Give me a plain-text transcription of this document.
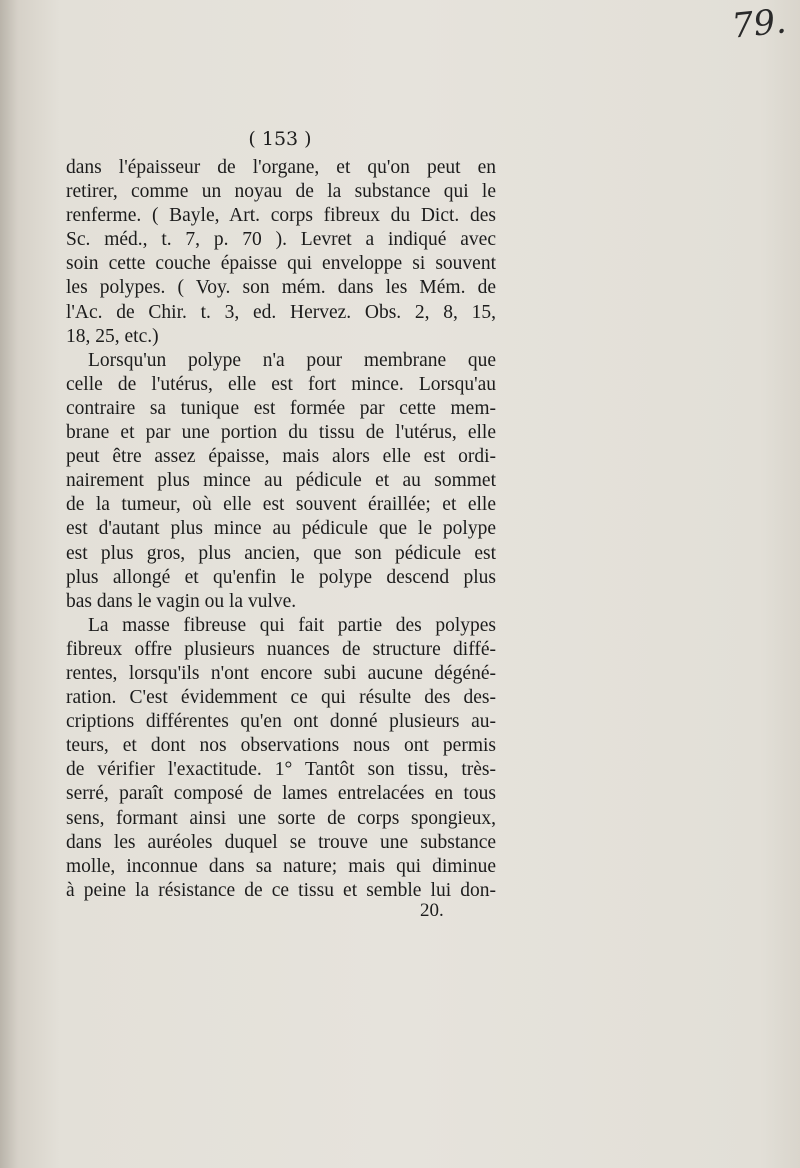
79.
( 153 )
dans l'épaisseur de l'organe, et qu'on peut en
retirer, comme un noyau de la substance qui le
renferme. ( Bayle, Art. corps fibreux du Dict. des
Sc. méd., t. 7, p. 70 ). Levret a indiqué avec
soin cette couche épaisse qui enveloppe si souvent
les polypes. ( Voy. son mém. dans les Mém. de
l'Ac. de Chir. t. 3, ed. Hervez. Obs. 2, 8, 15,
18, 25, etc.)
Lorsqu'un polype n'a pour membrane que
celle de l'utérus, elle est fort mince. Lorsqu'au
contraire sa tunique est formée par cette mem-
brane et par une portion du tissu de l'utérus, elle
peut être assez épaisse, mais alors elle est ordi-
nairement plus mince au pédicule et au sommet
de la tumeur, où elle est souvent éraillée; et elle
est d'autant plus mince au pédicule que le polype
est plus gros, plus ancien, que son pédicule est
plus allongé et qu'enfin le polype descend plus
bas dans le vagin ou la vulve.
La masse fibreuse qui fait partie des polypes
fibreux offre plusieurs nuances de structure diffé-
rentes, lorsqu'ils n'ont encore subi aucune dégéné-
ration. C'est évidemment ce qui résulte des des-
criptions différentes qu'en ont donné plusieurs au-
teurs, et dont nos observations nous ont permis
de vérifier l'exactitude. 1° Tantôt son tissu, très-
serré, paraît composé de lames entrelacées en tous
sens, formant ainsi une sorte de corps spongieux,
dans les auréoles duquel se trouve une substance
molle, inconnue dans sa nature; mais qui diminue
à peine la résistance de ce tissu et semble lui don-
20.
